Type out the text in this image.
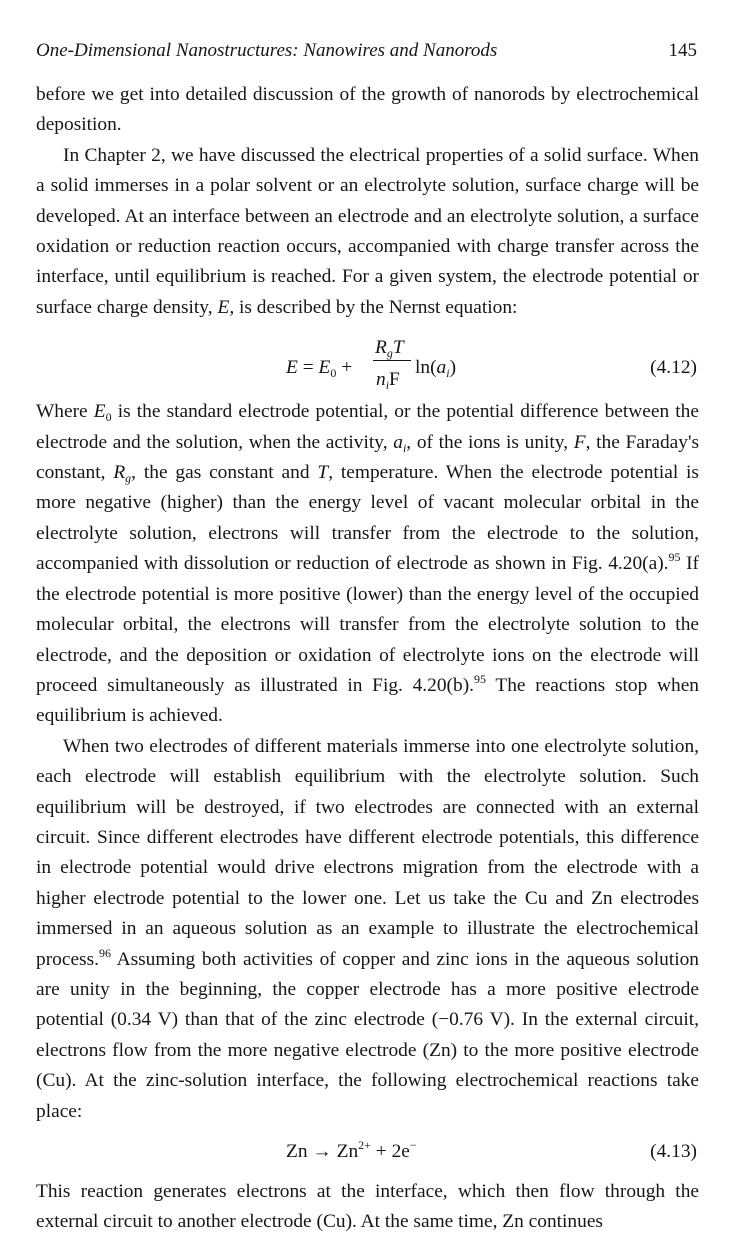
One-Dimensional Nanostructures: Nanowires and Nanorods	145

before we get into detailed discussion of the growth of nanorods by electrochemical deposition.

In Chapter 2, we have discussed the electrical properties of a solid surface. When a solid immerses in a polar solvent or an electrolyte solution, surface charge will be developed. At an interface between an electrode and an electrolyte solution, a surface oxidation or reduction reaction occurs, accompanied with charge transfer across the interface, until equilibrium is reached. For a given system, the electrode potential or surface charge density, E, is described by the Nernst equation:

$E = E_0$ +
$R_gT$
$n_iF$
$\ln(a_i)$	(4.12)

Where $E_0$ is the standard electrode potential, or the potential difference between the electrode and the solution, when the activity, $a_i$, of the ions is unity, F, the Faraday's constant, $R_g$, the gas constant and T, temperature. When the electrode potential is more negative (higher) than the energy level of vacant molecular orbital in the electrolyte solution, electrons will transfer from the electrode to the solution, accompanied with dissolution or reduction of electrode as shown in Fig. 4.20(a).$^{95}$ If the electrode potential is more positive (lower) than the energy level of the occupied molecular orbital, the electrons will transfer from the electrolyte solution to the electrode, and the deposition or oxidation of electrolyte ions on the electrode will proceed simultaneously as illustrated in Fig. 4.20(b).$^{95}$ The reactions stop when equilibrium is achieved.

When two electrodes of different materials immerse into one electrolyte solution, each electrode will establish equilibrium with the electrolyte solution. Such equilibrium will be destroyed, if two electrodes are connected with an external circuit. Since different electrodes have different electrode potentials, this difference in electrode potential would drive electrons migration from the electrode with a higher electrode potential to the lower one. Let us take the Cu and Zn electrodes immersed in an aqueous solution as an example to illustrate the electrochemical process.$^{96}$ Assuming both activities of copper and zinc ions in the aqueous solution are unity in the beginning, the copper electrode has a more positive electrode potential (0.34 V) than that of the zinc electrode (−0.76 V). In the external circuit, electrons flow from the more negative electrode (Zn) to the more positive electrode (Cu). At the zinc-solution interface, the following electrochemical reactions take place:

$Zn \to Zn^{2+} + 2e^-$	(4.13)

This reaction generates electrons at the interface, which then flow through the external circuit to another electrode (Cu). At the same time, Zn continues
